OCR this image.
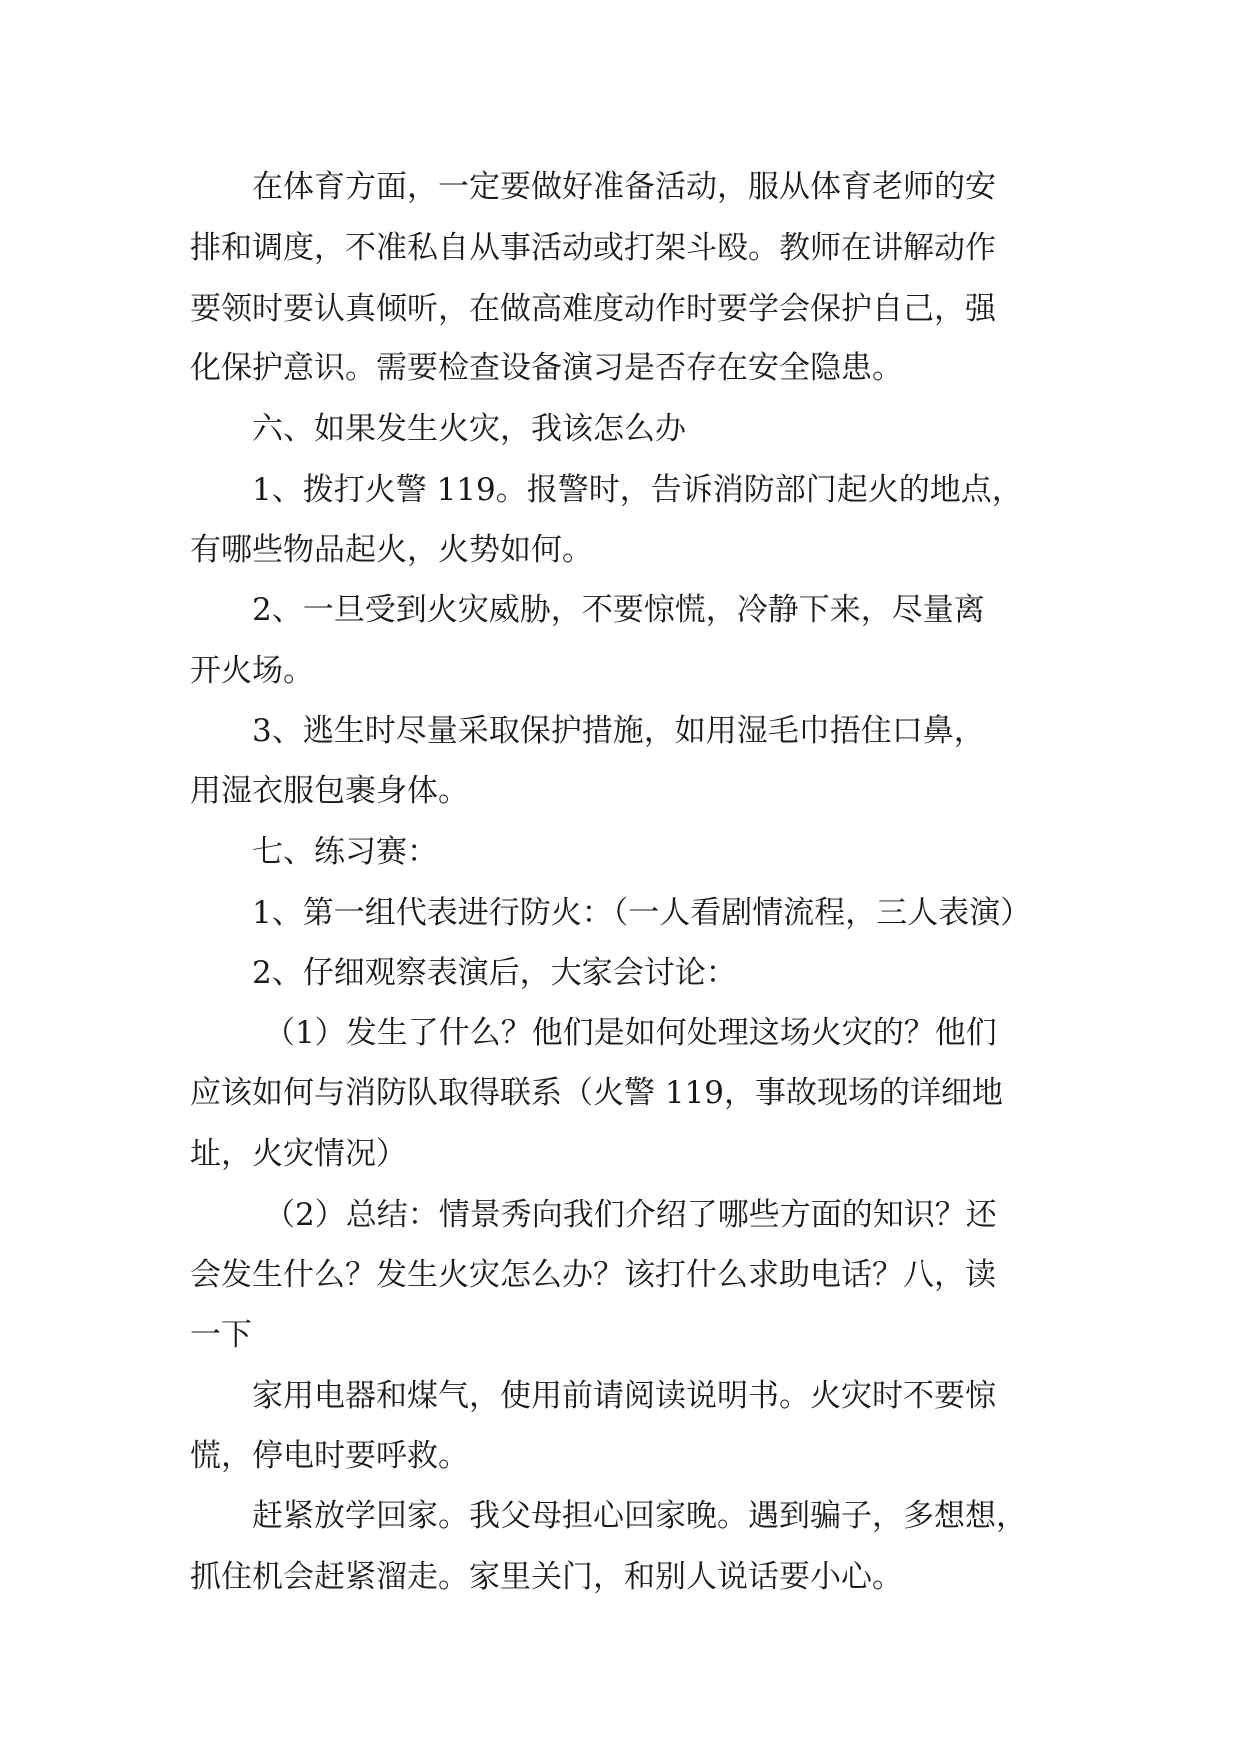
在体育方面，一定要做好准备活动，服从体育老师的安
排和调度，不准私自从事活动或打架斗殴。教师在讲解动作
要领时要认真倾听，在做高难度动作时要学会保护自己，强
化保护意识。需要检查设备演习是否存在安全隐患。
六、如果发生火灾，我该怎么办
1、拨打火警 119。报警时，告诉消防部门起火的地点，
有哪些物品起火，火势如何。
2、一旦受到火灾威胁，不要惊慌，冷静下来，尽量离
开火场。
3、逃生时尽量采取保护措施，如用湿毛巾捂住口鼻，
用湿衣服包裹身体。
七、练习赛：
1、第一组代表进行防火：（一人看剧情流程，三人表演）
2、仔细观察表演后，大家会讨论：
（1）发生了什么？他们是如何处理这场火灾的？他们
应该如何与消防队取得联系（火警 119，事故现场的详细地
址，火灾情况）
（2）总结：情景秀向我们介绍了哪些方面的知识？还
会发生什么？发生火灾怎么办？该打什么求助电话？八，读
一下
家用电器和煤气，使用前请阅读说明书。火灾时不要惊
慌，停电时要呼救。
赶紧放学回家。我父母担心回家晚。遇到骗子，多想想，
抓住机会赶紧溜走。家里关门，和别人说话要小心。
